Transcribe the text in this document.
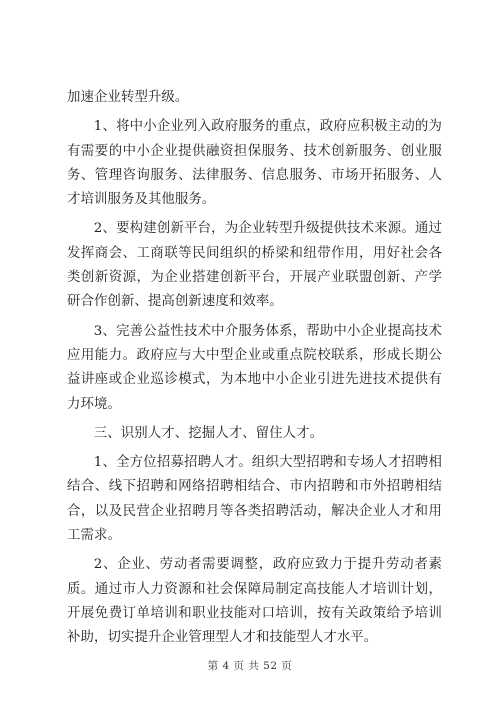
加速企业转型升级。

1、将中小企业列入政府服务的重点，政府应积极主动的为有需要的中小企业提供融资担保服务、技术创新服务、创业服务、管理咨询服务、法律服务、信息服务、市场开拓服务、人才培训服务及其他服务。

2、要构建创新平台，为企业转型升级提供技术来源。通过发挥商会、工商联等民间组织的桥梁和纽带作用，用好社会各类创新资源，为企业搭建创新平台，开展产业联盟创新、产学研合作创新、提高创新速度和效率。

3、完善公益性技术中介服务体系，帮助中小企业提高技术应用能力。政府应与大中型企业或重点院校联系，形成长期公益讲座或企业巡诊模式，为本地中小企业引进先进技术提供有力环境。

三、识别人才、挖掘人才、留住人才。

1、全方位招募招聘人才。组织大型招聘和专场人才招聘相结合、线下招聘和网络招聘相结合、市内招聘和市外招聘相结合，以及民营企业招聘月等各类招聘活动，解决企业人才和用工需求。

2、企业、劳动者需要调整，政府应致力于提升劳动者素质。通过市人力资源和社会保障局制定高技能人才培训计划，开展免费订单培训和职业技能对口培训，按有关政策给予培训补助，切实提升企业管理型人才和技能型人才水平。

第 4 页 共 52 页
